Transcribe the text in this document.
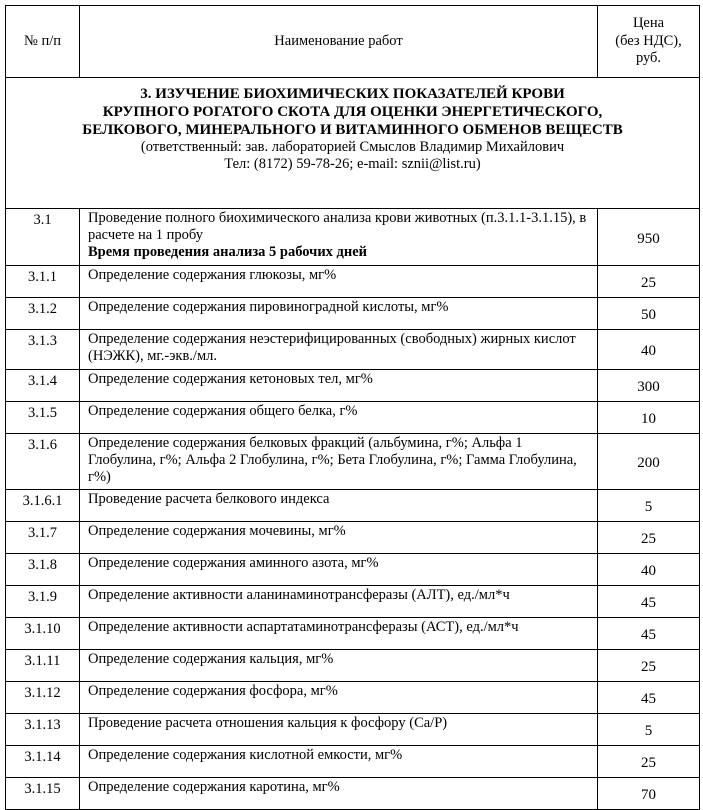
№ п/п	Наименование работ	Цена
(без НДС),
руб.

3. ИЗУЧЕНИЕ БИОХИМИЧЕСКИХ ПОКАЗАТЕЛЕЙ КРОВИ
КРУПНОГО РОГАТОГО СКОТА ДЛЯ ОЦЕНКИ ЭНЕРГЕТИЧЕСКОГО,
БЕЛКОВОГО, МИНЕРАЛЬНОГО И ВИТАМИННОГО ОБМЕНОВ ВЕЩЕСТВ
(ответственный: зав. лабораторией Смыслов Владимир Михайлович
Тел: (8172) 59-78-26; e-mail: sznii@list.ru)		

3.1	Проведение полного биохимического анализа крови животных (п.3.1.1-3.1.15), в расчете на 1 пробу
Время проведения анализа 5 рабочих дней	950
3.1.1	Определение содержания глюкозы, мг%	25
3.1.2	Определение содержания пировиноградной кислоты, мг%	50
3.1.3	Определение содержания неэстерифицированных (свободных) жирных кислот (НЭЖК), мг.-экв./мл.	40
3.1.4	Определение содержания кетоновых тел, мг%	300
3.1.5	Определение содержания общего белка, г%	10
3.1.6	Определение содержания белковых фракций (альбумина, г%; Альфа 1 Глобулина, г%; Альфа 2 Глобулина, г%; Бета Глобулина, г%; Гамма Глобулина, г%)	200
3.1.6.1	Проведение расчета белкового индекса	5
3.1.7	Определение содержания мочевины, мг%	25
3.1.8	Определение содержания аминного азота, мг%	40
3.1.9	Определение активности аланинаминотрансферазы (АЛТ), ед./мл*ч	45
3.1.10	Определение активности аспартатаминотрансферазы (АСТ), ед./мл*ч	45
3.1.11	Определение содержания кальция, мг%	25
3.1.12	Определение содержания фосфора, мг%	45
3.1.13	Проведение расчета отношения кальция к фосфору (Са/Р)	5
3.1.14	Определение содержания кислотной емкости, мг%	25
3.1.15	Определение содержания каротина, мг%	70
